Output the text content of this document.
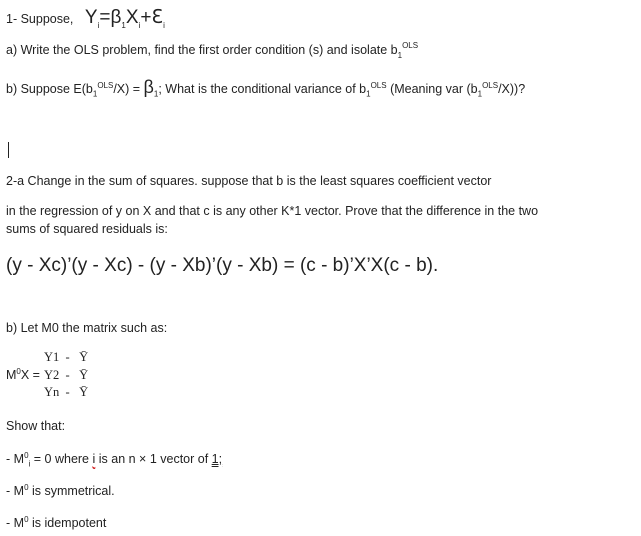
1- Suppose, $Y_i=\beta_1X_i+ℇ_i$
a) Write the OLS problem, find the first order condition (s) and isolate $b_1^{OLS}$
b) Suppose $E(b_1^{OLS}/X) = \beta_1$; What is the conditional variance of $b_1^{OLS}$ (Meaning var $(b_1^{OLS}/X)$)?
2-a Change in the sum of squares. suppose that b is the least squares coefficient vector
in the regression of y on X and that c is any other K*1 vector. Prove that the difference in the two
sums of squared residuals is:
(y - Xc)’(y - Xc) - (y - Xb)’(y - Xb) = (c - b)’X’X(c - b).
b) Let M0 the matrix such as:
$M^0X$ =
Y1  -   Ȳ
Y2  -   Ȳ
Yn  -   Ȳ
Show that:
- $M^0_i = 0$ where i is an n × 1 vector of 1;
- $M^0$ is symmetrical.
- $M^0$ is idempotent
